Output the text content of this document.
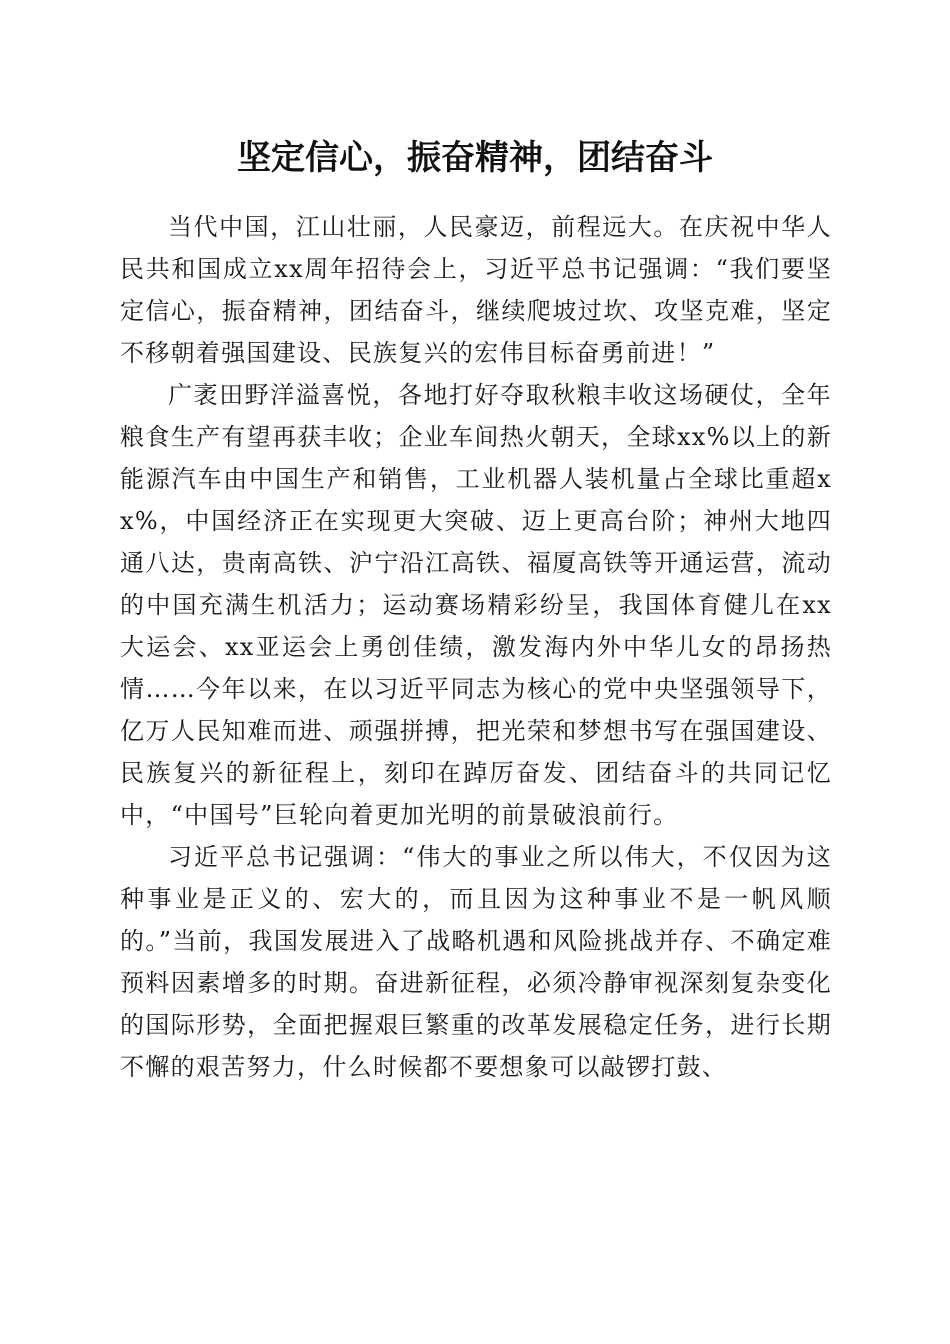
坚定信心，振奋精神，团结奋斗

当代中国，江山壮丽，人民豪迈，前程远大。在庆祝中华人民共和国成立xx周年招待会上，习近平总书记强调：“我们要坚定信心，振奋精神，团结奋斗，继续爬坡过坎、攻坚克难，坚定不移朝着强国建设、民族复兴的宏伟目标奋勇前进！”

广袤田野洋溢喜悦，各地打好夺取秋粮丰收这场硬仗，全年粮食生产有望再获丰收；企业车间热火朝天，全球xx%以上的新能源汽车由中国生产和销售，工业机器人装机量占全球比重超xx%，中国经济正在实现更大突破、迈上更高台阶；神州大地四通八达，贵南高铁、沪宁沿江高铁、福厦高铁等开通运营，流动的中国充满生机活力；运动赛场精彩纷呈，我国体育健儿在xx大运会、xx亚运会上勇创佳绩，激发海内外中华儿女的昂扬热情……今年以来，在以习近平同志为核心的党中央坚强领导下，亿万人民知难而进、顽强拼搏，把光荣和梦想书写在强国建设、民族复兴的新征程上，刻印在踔厉奋发、团结奋斗的共同记忆中，“中国号”巨轮向着更加光明的前景破浪前行。

习近平总书记强调：“伟大的事业之所以伟大，不仅因为这种事业是正义的、宏大的，而且因为这种事业不是一帆风顺的。”当前，我国发展进入了战略机遇和风险挑战并存、不确定难预料因素增多的时期。奋进新征程，必须冷静审视深刻复杂变化的国际形势，全面把握艰巨繁重的改革发展稳定任务，进行长期不懈的艰苦努力，什么时候都不要想象可以敲锣打鼓、
